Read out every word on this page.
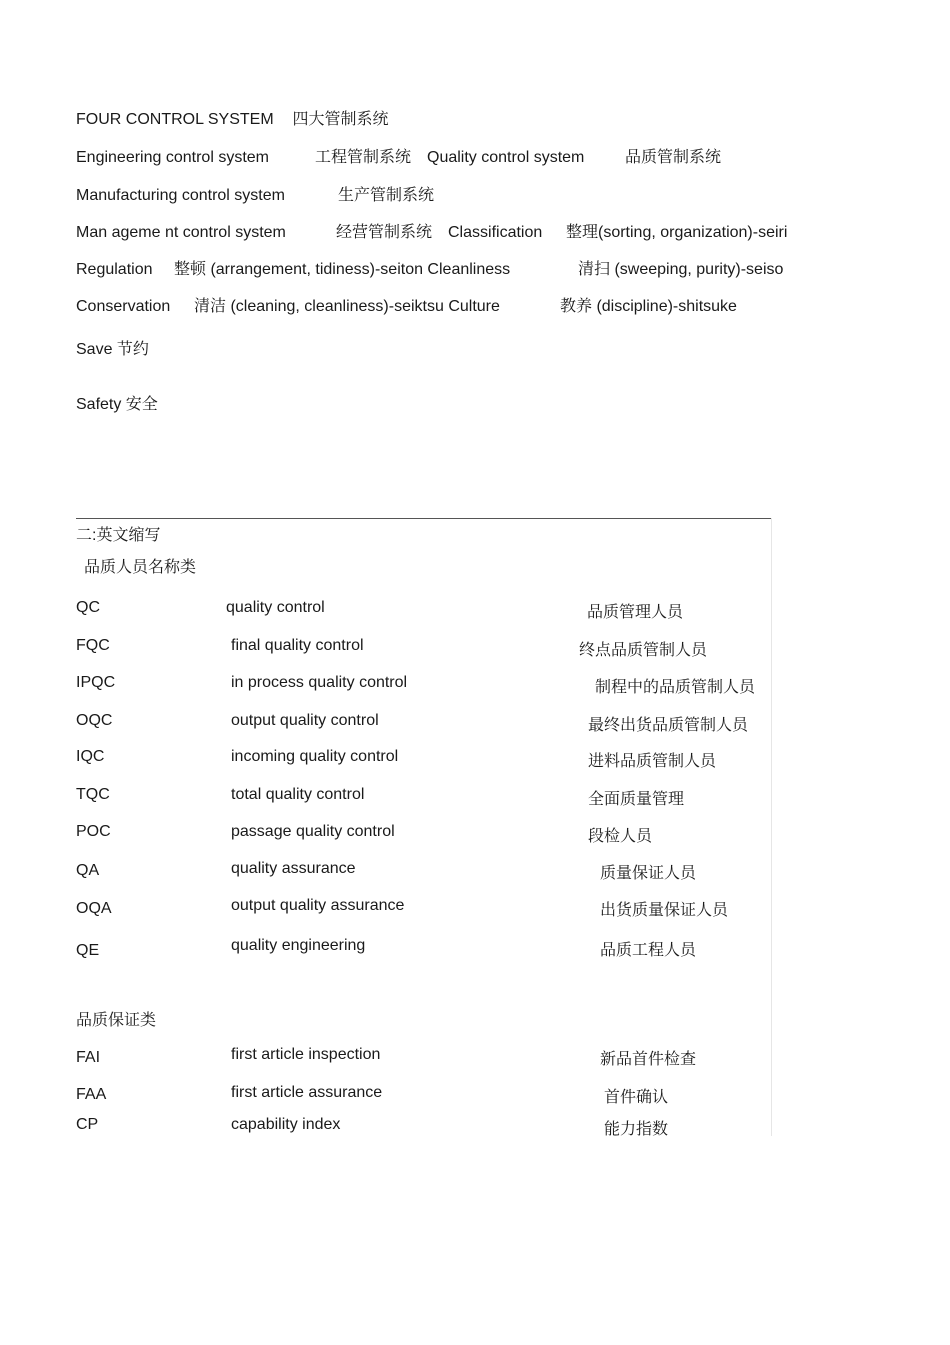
FOUR CONTROL SYSTEM 四大管制系统
Engineering control system	工程管制系统 Quality control system	品质管制系统
Manufacturing control system	生产管制系统
Man ageme nt control system	经营管制系统 Classification 整理(sorting, organization)-seiri
Regulation 整顿 (arrangement, tidiness)-seiton Cleanliness	清扫 (sweeping, purity)-seiso
Conservation 清洁 (cleaning, cleanliness)-seiktsu Culture	教养 (discipline)-shitsuke
Save 节约
Safety 安全
二:英文缩写
品质人员名称类
QC	quality control	品质管理人员
FQC	final quality control	终点品质管制人员
IPQC	in process quality control	制程中的品质管制人员
OQC	output quality control	最终出货品质管制人员
IQC	incoming quality control	进料品质管制人员
TQC	total quality control	全面质量管理
POC	passage quality control	段检人员
QA	quality assurance	质量保证人员
OQA	output quality assurance	出货质量保证人员
QE	quality engineering	品质工程人员
品质保证类
FAI	first article inspection	新品首件检查
FAA	first article assurance	首件确认
CP	capability index	能力指数
